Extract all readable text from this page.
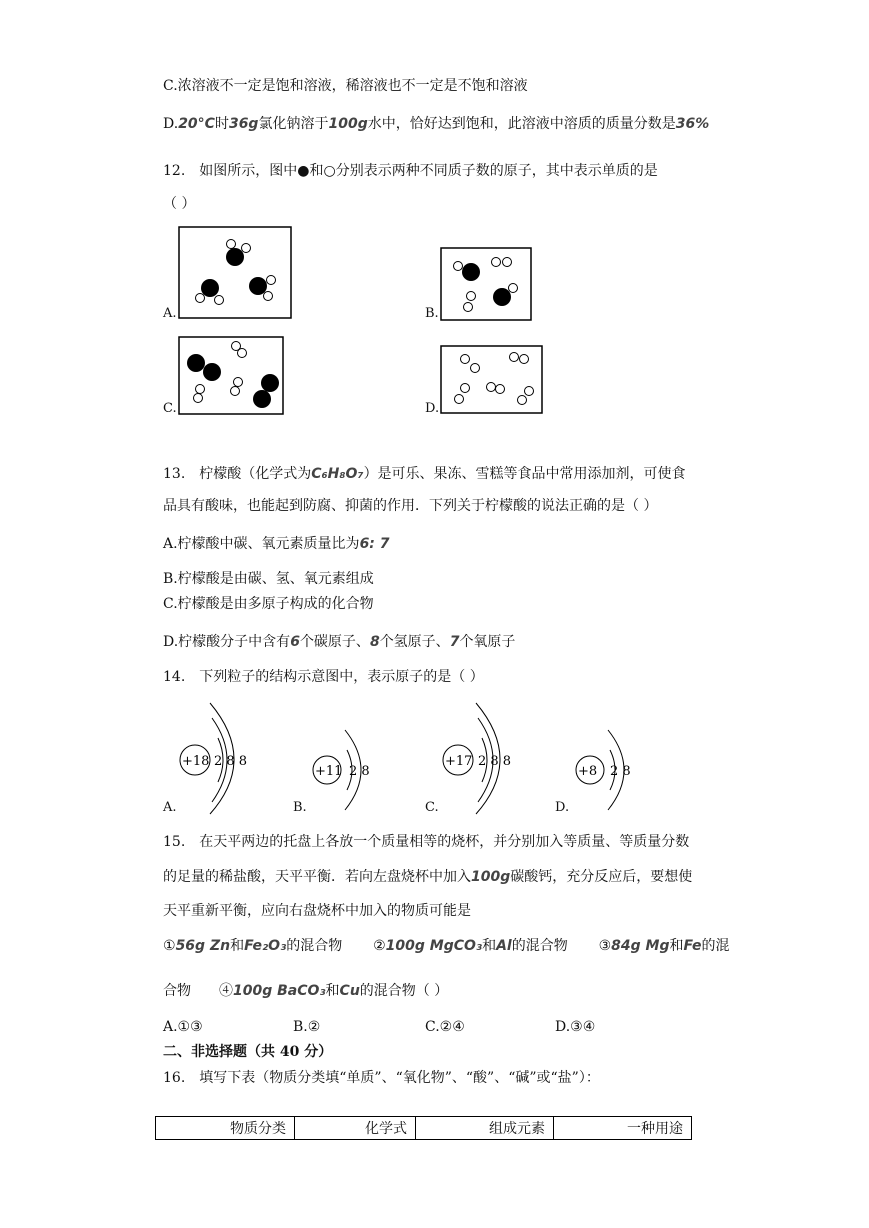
C.浓溶液不一定是饱和溶液，稀溶液也不一定是不饱和溶液
D.20°C时36g氯化钠溶于100g水中，恰好达到饱和，此溶液中溶质的质量分数是36%
12.　如图所示，图中●和○分别表示两种不同质子数的原子，其中表示单质的是
（ ）
A.	B.
C.	D.
13.　柠檬酸（化学式为C₆H₈O₇）是可乐、果冻、雪糕等食品中常用添加剂，可使食
品具有酸味，也能起到防腐、抑菌的作用．下列关于柠檬酸的说法正确的是（ ）
A.柠檬酸中碳、氧元素质量比为6: 7
B.柠檬酸是由碳、氢、氧元素组成
C.柠檬酸是由多原子构成的化合物
D.柠檬酸分子中含有6个碳原子、8个氢原子、7个氧原子
14.　下列粒子的结构示意图中，表示原子的是（ ）
+18 2 8 8
A.
+11 2 8
B.
+17 2 8 8
C.
+8 2 8
D.
15.　在天平两边的托盘上各放一个质量相等的烧杯，并分别加入等质量、等质量分数
的足量的稀盐酸，天平平衡．若向左盘烧杯中加入100g碳酸钙，充分反应后，要想使
天平重新平衡，应向右盘烧杯中加入的物质可能是
①56g Zn和Fe₂O₃的混合物 ②100g MgCO₃和Al的混合物 ③84g Mg和Fe的混
合物　　④100g BaCO₃和Cu的混合物（ ）
A.①③	B.②	C.②④	D.③④
二、非选择题（共 40 分）
16.　填写下表（物质分类填“单质”、“氧化物”、“酸”、“碱”或“盐”）：
物质分类	化学式	组成元素	一种用途
